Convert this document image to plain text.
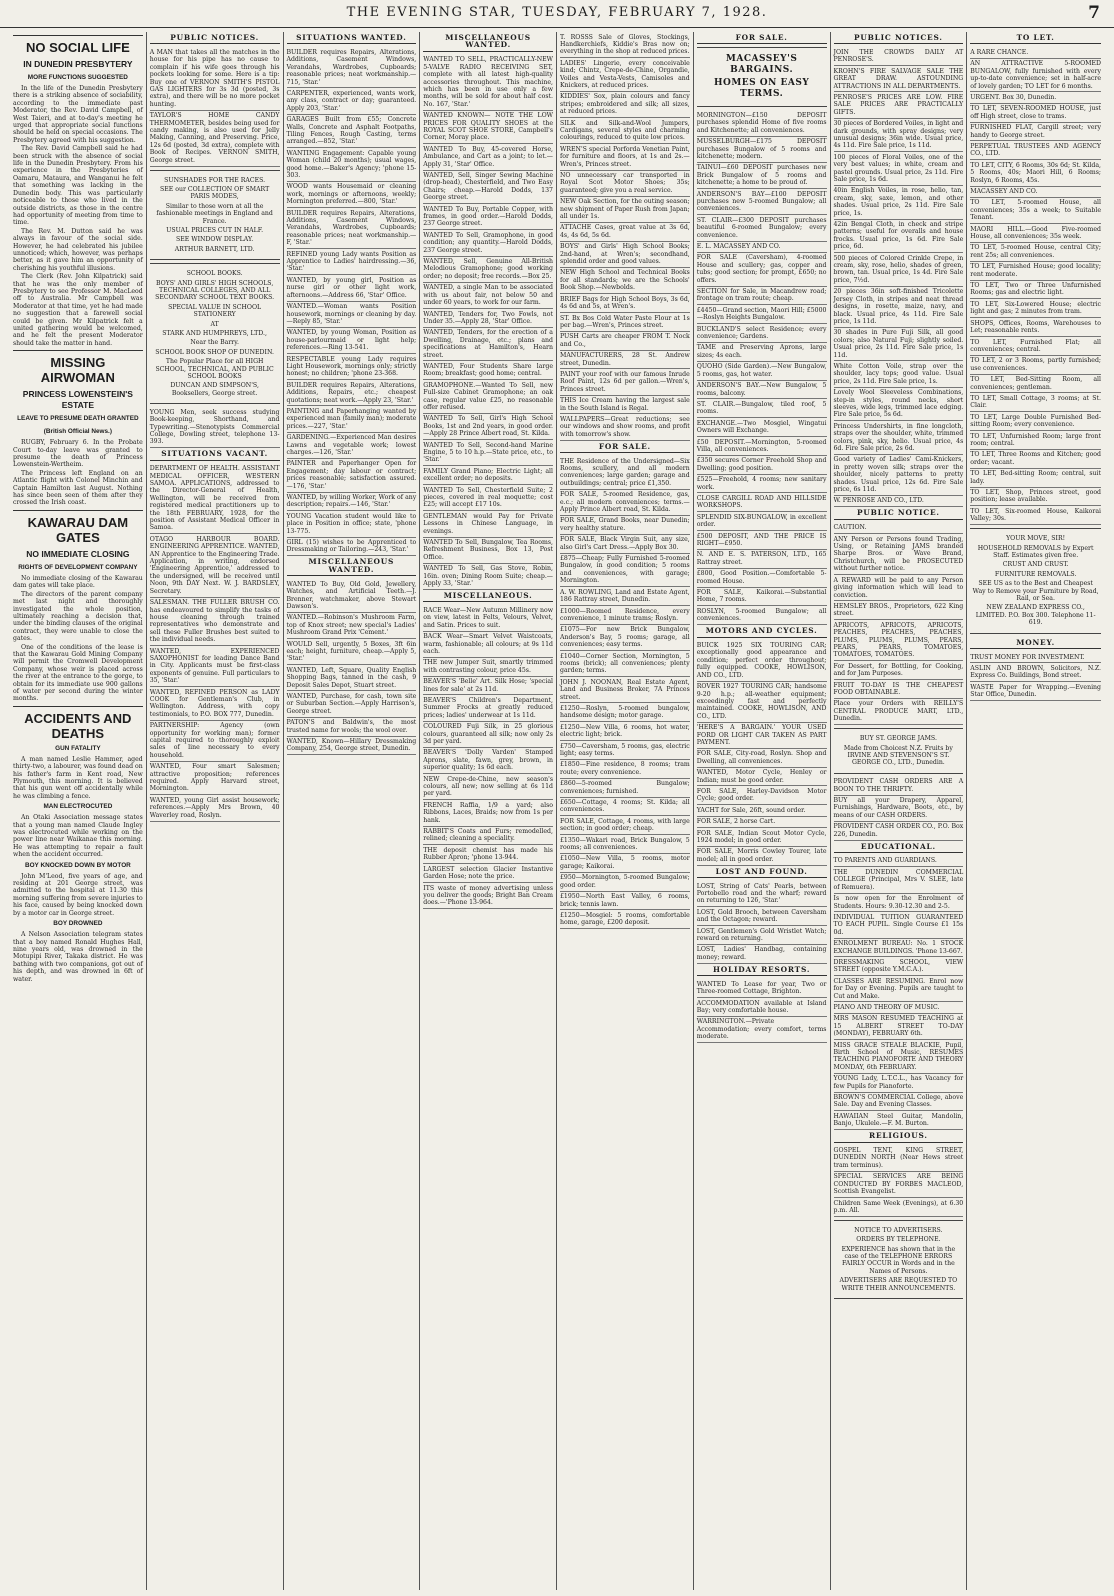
THE EVENING STAR, TUESDAY, FEBRUARY 7, 1928.	7
NO SOCIAL LIFE
IN DUNEDIN PRESBYTERY
MORE FUNCTIONS SUGGESTED
In the life of the Dunedin Presbytery there is a striking absence of sociability, according to the immediate past Moderator, the Rev. David Campbell, of West Taieri, and at to-day's meeting he urged that appropriate social functions should be held on special occasions. The Presbytery agreed with his suggestion.
The Rev. David Campbell said he had been struck with the absence of social life in the Dunedin Presbytery. From his experience in the Presbyteries of Oamaru, Mataura, and Wanganui he felt that something was lacking in the Dunedin body. This was particularly noticeable to those who lived in the outside districts, as those in the centre had opportunity of meeting from time to time.
The Rev. M. Dutton said he was always in favour of the social side. However, he had celebrated his jubilee unnoticed; which, however, was perhaps better, as it gave him an opportunity of cherishing his youthful illusions.
The Clerk (Rev. John Kilpatrick) said that he was the only member of Presbytery to see Professor M. MacLeod off to Australia. Mr Campbell was Moderator at that time, yet he had made no suggestion that a farewell social could be given. Mr Kilpatrick felt a united gathering would be welcomed, and he felt the present Moderator should take the matter in hand.
MISSING AIRWOMAN
PRINCESS LOWENSTEIN'S ESTATE
LEAVE TO PRESUME DEATH GRANTED
(British Official News.)
RUGBY, February 6. In the Probate Court to-day leave was granted to presume the death of Princess Lowenstein-Wertheim.
The Princess left England on an Atlantic flight with Colonel Minchin and Captain Hamilton last August. Nothing has since been seen of them after they crossed the Irish coast.
KAWARAU DAM GATES
NO IMMEDIATE CLOSING
RIGHTS OF DEVELOPMENT COMPANY
No immediate closing of the Kawarau dam gates will take place.
The directors of the parent company met last night and thoroughly investigated the whole position, ultimately reaching a decision that, under the binding clauses of the original contract, they were unable to close the gates.
One of the conditions of the lease is that the Kawarau Gold Mining Company will permit the Cromwell Development Company, whose weir is placed across the river at the entrance to the gorge, to obtain for its immediate use 900 gallons of water per second during the winter months.
ACCIDENTS AND DEATHS
GUN FATALITY
A man named Leslie Hammer, aged thirty-two, a labourer, was found dead on his father's farm in Kent road, New Plymouth, this morning. It is believed that his gun went off accidentally while he was climbing a fence.
MAN ELECTROCUTED
An Otaki Association message states that a young man named Claude Ingley was electrocuted while working on the power line near Waikanae this morning. He was attempting to repair a fault when the accident occurred.
BOY KNOCKED DOWN BY MOTOR
John M'Leod, five years of age, and residing at 201 George street, was admitted to the hospital at 11.30 this morning suffering from severe injuries to his face, caused by being knocked down by a motor car in George street.
BOY DROWNED
A Nelson Association telegram states that a boy named Ronald Hughes Hall, nine years old, was drowned in the Motupipi River, Takaka district. He was bathing with two companions, got out of his depth, and was drowned in 6ft of water.
PUBLIC NOTICES.
A MAN that takes all the matches in the house for his pipe has no cause to complain if his wife goes through his pockets looking for some. Here is a tip: Buy one of VERNON SMITH'S PISTOL GAS LIGHTERS for 3s 3d (posted, 3s extra), and there will be no more pocket hunting.
TAYLOR'S HOME CANDY THERMOMETER, besides being used for candy making, is also used for Jelly Making, Canning, and Preserving. Price, 12s 6d (posted, 3d extra), complete with Book of Recipes. VERNON SMITH, George street.
SUNSHADES FOR THE RACES.
SEE our COLLECTION OF SMART PARIS MODES,
Similar to those worn at all the fashionable meetings in England and France.
USUAL PRICES CUT IN HALF.
SEE WINDOW DISPLAY.
ARTHUR BARNETT, LTD.
SCHOOL BOOKS.
BOYS' AND GIRLS' HIGH SCHOOLS, TECHNICAL COLLEGES, AND ALL SECONDARY SCHOOL TEXT BOOKS.
SPECIAL VALUE IN SCHOOL STATIONERY
AT
STARK AND HUMPHREYS, LTD.,
Near the Barry.
SCHOOL BOOK SHOP OF DUNEDIN.
The Popular Place for all HIGH SCHOOL, TECHNICAL, AND PUBLIC SCHOOL BOOKS
DUNCAN AND SIMPSON'S, Booksellers, George street.
YOUNG Men, seek success studying Book-keeping, Shorthand, and Typewriting.—Stenotypists Commercial College, Dowling street, telephone 13-393.
SITUATIONS VACANT.
DEPARTMENT OF HEALTH. ASSISTANT MEDICAL OFFICER, WESTERN SAMOA. APPLICATIONS, addressed to the Director-General of Health, Wellington, will be received from registered medical practitioners up to the 18th FEBRUARY, 1928, for the position of Assistant Medical Officer in Samoa.
OTAGO HARBOUR BOARD. ENGINEERING APPRENTICE. WANTED, AN Apprentice to the Engineering Trade. Application, in writing, endorsed 'Engineering Apprentice,' addressed to the undersigned, will be received until Noon, 9th DAY Next. W. J. BARDSLEY, Secretary.
SALESMAN. THE FULLER BRUSH CO. has endeavoured to simplify the tasks of house cleaning through trained representatives who demonstrate and sell these Fuller Brushes best suited to the individual needs.
WANTED, EXPERIENCED SAXOPHONIST for leading Dance Band in City. Applicants must be first-class exponents of genuine. Full particulars to 35, 'Star.'
WANTED, REFINED PERSON as LADY COOK for Gentleman's Club, in Wellington. Address, with copy testimonials, to P.O. BOX 777, Dunedin.
PARTNERSHIP: Agency (own opportunity for working man); former capital required to thoroughly exploit sales of line necessary to every household.
WANTED, Four smart Salesmen; attractive proposition; references required. Apply Harvard street, Mornington.
WANTED, young Girl assist housework; references.—Apply Mrs Brown, 40 Waverley road, Roslyn.
SITUATIONS WANTED.
BUILDER requires Repairs, Alterations, Additions, Casement Windows, Verandahs, Wardrobes, Cupboards; reasonable prices; neat workmanship.—715, 'Star.'
CARPENTER, experienced, wants work, any class, contract or day; guaranteed. Apply 203, 'Star.'
GARAGES Built from £55; Concrete Walls, Concrete and Asphalt Footpaths, Tiling Fences, Rough Casting, terms arranged.—852, 'Star.'
WANTING Engagement: Capable young Woman (child 20 months); usual wages, good home.—Baker's Agency; 'phone 15-303.
WOOD wants Housemaid or cleaning work, mornings or afternoons, weekly; Mornington preferred.—800, 'Star.'
BUILDER requires Repairs, Alterations, Additions, Casement Windows, Verandahs, Wardrobes, Cupboards; reasonable prices; neat workmanship.—F, 'Star.'
REFINED young Lady wants Position as Apprentice to Ladies' hairdressing.—36, 'Star.'
WANTED, by young girl, Position as nurse girl or other light work, afternoons.—Address 66, 'Star' Office.
WANTED.—Woman wants Position housework, mornings or cleaning by day.—Reply 85, 'Star.'
WANTED, by young Woman, Position as house-parlourmaid or light help; references.—Ring 13-541.
RESPECTABLE young Lady requires Light Housework, mornings only; strictly honest; no children; 'phone 23-368.
BUILDER requires Repairs, Alterations, Additions, Repairs, etc.; cheapest quotations; neat work.—Apply 23, 'Star.'
PAINTING and Paperhanging wanted by experienced man (family man); moderate prices.—227, 'Star.'
GARDENING.—Experienced Man desires Lawns and vegetable work; lowest charges.—126, 'Star.'
PAINTER and Paperhanger Open for Engagement; day labour or contract; prices reasonable; satisfaction assured.—176, 'Star.'
WANTED, by willing Worker, Work of any description; repairs.—146, 'Star.'
YOUNG Vacation student would like to place in Position in office; state, 'phone 13-775.
GIRL (15) wishes to be Apprenticed to Dressmaking or Tailoring.—243, 'Star.'
MISCELLANEOUS WANTED.
WANTED To Buy, Old Gold, Jewellery, Watches, and Artificial Teeth.—J. Brenner, watchmaker, above Stewart Dawson's.
WANTED.—Robinson's Mushroom Farm, top of Knox street; new special's Ladies' Mushroom Grand Prix 'Cement.'
WOULD Sell, urgently, 5 Boxes, 3ft 6in each; height, furniture, cheap.—Apply 5, 'Star.'
WANTED, Left, Square, Quality English Shopping Bags, tanned in the cash, 9 Deposit Sales Depot, Stuart street.
WANTED, Purchase, for cash, town site or Suburban Section.—Apply Harrison's, George street.
PATON'S and Baldwin's, the most trusted name for wools; the wool over.
WANTED, Known—Hillary Dressmaking Company, 254, George street, Dunedin.
MISCELLANEOUS WANTED.
WANTED TO SELL, PRACTICALLY-NEW 5-VALVE RADIO RECEIVING SET, complete with all latest high-quality accessories throughout. This machine, which has been in use only a few months, will be sold for about half cost. No. 167, 'Star.'
WANTED KNOWN— NOTE THE LOW PRICES FOR QUALITY SHOES at the ROYAL SCOT SHOE STORE, Campbell's Corner, Moray place.
WANTED To Buy, 45-covered Horse, Ambulance, and Cart as a joint; to let.—Apply 31, 'Star' Office.
WANTED, Sell, Singer Sewing Machine (drop-head), Chesterfield, and Two Easy Chairs; cheap.—Harold Dodds, 137 George street.
WANTED To Buy, Portable Copper, with frames, in good order.—Harold Dodds, 237 George street.
WANTED To Sell, Gramophone, in good condition; any quantity.—Harold Dodds, 237 George street.
WANTED, Sell, Genuine All-British Melodious Gramophone; good working order; no deposit; free records.—Box 25.
WANTED, a single Man to be associated with us about fair, not below 50 and under 60 years, to work for our farm.
WANTED, Tenders for, Two Fowls, not Under 35.—Apply 28, 'Star' Office.
WANTED, Tenders, for the erection of a Dwelling, Drainage, etc.; plans and specifications at Hamilton's, Hearn street.
WANTED, Four Students Share large Room; breakfast; good home; central.
GRAMOPHONE.—Wanted To Sell, new Full-size Cabinet Gramophone; an oak case, regular value £25, no reasonable offer refused.
WANTED To Sell, Girl's High School Books, 1st and 2nd years, in good order.—Apply 28 Prince Albert road, St. Kilda.
WANTED To Sell, Second-hand Marine Engine, 5 to 10 h.p.—State price, etc., to 'Star.'
FAMILY Grand Piano; Electric Light; all excellent order; no deposits.
WANTED To Sell, Chesterfield Suite; 2 pieces, covered in real moquette; cost £25; will accept £17 10s.
GENTLEMAN would Pay for Private Lessons in Chinese Language, in evenings.
WANTED To Sell, Bungalow, Tea Rooms, Refreshment Business, Box 13, Post Office.
WANTED To Sell, Gas Stove, Robin, 16in. oven; Dining Room Suite; cheap.—Apply 33, 'Star.'
MISCELLANEOUS.
RACE Wear—New Autumn Millinery now on view, latest in Felts, Velours, Velvet, and Satin. Prices to suit.
BACK Wear—Smart Velvet Waistcoats, warm, fashionable; all colours; at 9s 11d each.
THE new Jumper Suit, smartly trimmed with contrasting colour, price 45s.
BEAVER'S 'Belle' Art. Silk Hose; 'special lines for sale' at 2s 11d.
BEAVER'S Children's Department, Summer Frocks at greatly reduced prices; ladies' underwear at 1s 11d.
COLOURED Fuji Silk, in 25 glorious colours, guaranteed all silk; now only 2s 3d per yard.
BEAVER'S 'Dolly Varden' Stamped Aprons, slate, fawn, grey, brown, in superior quality; 1s 6d each.
NEW Crepe-de-Chine, new season's colours, all new; now selling at 6s 11d per yard.
FRENCH Raffia, 1/9 a yard; also Ribbons, Laces, Braids; now from 1s per hank.
RABBIT'S Coats and Furs; remodelled, relined; cleaning a speciality.
THE deposit chemist has made his Rubber Apron; 'phone 13-944.
LARGEST selection Glacier Instantive Garden Hose; note the price.
ITS waste of money advertising unless you deliver the goods; Bright Ban Cream does.—'Phone 13-964.
T. ROSSS Sale of Gloves, Stockings, Handkerchiefs, Kiddie's Bras now on; everything in the shop at reduced prices.
LADIES' Lingerie, every conceivable kind; Chintz, Crepe-de-Chine, Organdie, Voiles and Vesta-Vests, Camisoles and Knickers, at reduced prices.
KIDDIES' Sox, plain colours and fancy stripes; embroidered and silk; all sizes, at reduced prices.
SILK and Silk-and-Wool Jumpers, Cardigans, several styles and charming colourings, reduced to quite low prices.
WREN'S special Porforda Venetian Paint, for furniture and floors, at 1s and 2s.—Wren's, Princes street.
NO unnecessary car transported in Royal Scot Motor Shoes; 35s; guaranteed; give you a real service.
NEW Oak Section, for the outing season; new shipment of Paper Rush from Japan; all under 1s.
ATTACHE Cases, great value at 3s 6d, 4s, 4s 6d, 5s 6d.
BOYS' and Girls' High School Books; 2nd-hand, at Wren's; secondhand, splendid order and good values.
NEW High School and Technical Books for all standards; we are the Schools' Book Shop.—Newbolds.
BRIEF Bags for High School Boys, 3s 6d, 4s 6d and 5s, at Wren's.
ST. Bx Bos Cold Water Paste Flour at 1s per bag.—Wren's, Princes street.
PUSH Carts are cheaper FROM T. Nock and Co.,
MANUFACTURERS, 28 St. Andrew street, Dunedin.
PAINT your roof with our famous Inrude Roof Paint, 12s 6d per gallon.—Wren's, Princes street.
THIS Ice Cream having the largest sale in the South Island is Regal.
WALLPAPERS—Great reductions; see our windows and show rooms, and profit with tomorrow's show.
FOR SALE.
THE Residence of the Undersigned—Six Rooms, scullery, and all modern conveniences; large garden; garage and outbuildings; central; price £1,350.
FOR SALE, 5-roomed Residence, gas, e.c.; all modern conveniences; terms.—Apply Prince Albert road, St. Kilda.
FOR SALE, Grand Books, near Dunedin; very healthy stature.
FOR SALE, Black Virgin Suit, any size, also Girl's Cart Dress.—Apply Box 30.
£875—Cheap; Fully Furnished 5-roomed Bungalow, in good condition; 5 rooms and conveniences, with garage; Mornington.
A. W. ROWLING, Land and Estate Agent, 186 Rattray street, Dunedin.
£1000—Roomed Residence, every convenience, 1 minute trams; Roslyn.
£1075—For new Brick Bungalow, Anderson's Bay, 5 rooms; garage, all conveniences; easy terms.
£1040—Corner Section, Mornington, 5 rooms (brick); all conveniences; plenty garden; terms.
JOHN J. NOONAN, Real Estate Agent, Land and Business Broker, 7A Princes street.
£1250—Roslyn, 5-roomed bungalow, handsome design; motor garage.
£1250—New Villa, 6 rooms, hot water, electric light; brick.
£750—Caversham, 5 rooms, gas, electric light; easy terms.
£1850—Fine residence, 8 rooms; tram route; every convenience.
£860—5-roomed Bungalow; conveniences; furnished.
£650—Cottage, 4 rooms; St. Kilda; all conveniences.
FOR SALE, Cottage, 4 rooms, with large section; in good order; cheap.
£1350—Wakari road, Brick Bungalow, 5 rooms; all conveniences.
£1050—New Villa, 5 rooms, motor garage; Kaikorai.
£950—Mornington, 5-roomed Bungalow; good order.
£1950—North East Valley, 6 rooms, brick; tennis lawn.
£1250—Mosgiel: 5 rooms, comfortable home, garage, £200 deposit.
FOR SALE.
MACASSEY'S BARGAINS.
HOMES ON EASY TERMS.
MORNINGTON—£150 DEPOSIT purchases splendid Home of five rooms and Kitchenette; all conveniences.
MUSSELBURGH—£175 DEPOSIT purchases Bungalow of 5 rooms and kitchenette; modern.
TAINUI—£60 DEPOSIT purchases new Brick Bungalow of 5 rooms and kitchenette; a home to be proud of.
ANDERSON'S BAY—£100 DEPOSIT purchases new 5-roomed Bungalow; all conveniences.
ST. CLAIR—£300 DEPOSIT purchases beautiful 6-roomed Bungalow; every convenience.
E. L. MACASSEY AND CO.
FOR SALE (Caversham), 4-roomed House and scullery; gas, copper and tubs; good section; for prompt, £650; no offers.
SECTION for Sale, in Macandrew road; frontage on tram route; cheap.
£4450—Grand section, Maori Hill; £5000—Roslyn Heights Bungalow.
BUCKLAND'S select Residence; every convenience; Gardens.
TAME and Preserving Aprons, large sizes; 4s each.
QUOHO (Side Garden).—New Bungalow, 5 rooms, gas, hot water.
ANDERSON'S BAY.—New Bungalow, 5 rooms, balcony.
ST. CLAIR.—Bungalow, tiled roof, 5 rooms.
EXCHANGE.—Two Mosgiel, Wingatui Owners will Exchange.
£50 DEPOSIT.—Mornington, 5-roomed Villa, all conveniences.
£350 secures Corner Freehold Shop and Dwelling; good position.
£525—Freehold, 4 rooms; new sanitary work.
CLOSE CARGILL ROAD AND HILLSIDE WORKSHOPS.
SPLENDID SIX-BUNGALOW, in excellent order.
£500 DEPOSIT, AND THE PRICE IS RIGHT—£950.
N. AND E. S. PATERSON, LTD., 165 Rattray street.
£800, Good Position.—Comfortable 5-roomed House.
FOR SALE, Kaikorai.—Substantial Home, 7 rooms.
ROSLYN, 5-roomed Bungalow; all conveniences.
MOTORS AND CYCLES.
BUICK 1925 SIX TOURING CAR; exceptionally good appearance and condition; perfect order throughout; fully equipped. COOKE, HOWLISON, AND CO., LTD.
ROVER 1927 TOURING CAR; handsome 9-20 h.p.; all-weather equipment; exceedingly fast and perfectly maintained. COOKE, HOWLISON, AND CO., LTD.
'HERE'S A BARGAIN.' YOUR USED FORD OR LIGHT CAR TAKEN AS PART PAYMENT.
FOR SALE, City-road, Roslyn. Shop and Dwelling, all conveniences.
WANTED, Motor Cycle, Henley or Indian; must be good order.
FOR SALE, Harley-Davidson Motor Cycle; good order.
YACHT for Sale, 26ft, sound order.
FOR SALE, 2 horse Cart.
FOR SALE, Indian Scout Motor Cycle, 1924 model; in good order.
FOR SALE, Morris Cowley Tourer, late model; all in good order.
LOST AND FOUND.
LOST, String of Cats' Pearls, between Portobello road and the wharf; reward on returning to 126, 'Star.'
LOST, Gold Brooch, between Caversham and the Octagon; reward.
LOST, Gentlemen's Gold Wristlet Watch; reward on returning.
LOST, Ladies' Handbag, containing money; reward.
HOLIDAY RESORTS.
WANTED To Lease for year, Two or Three-roomed Cottage, Brighton.
ACCOMMODATION available at Island Bay; very comfortable house.
WARRINGTON.—Private Accommodation; every comfort, terms moderate.
PUBLIC NOTICES.
JOIN THE CROWDS DAILY AT PENROSE'S.
KROHN'S FIRE SALVAGE SALE THE GREAT DRAW. ASTOUNDING ATTRACTIONS IN ALL DEPARTMENTS.
PENROSE'S PRICES ARE LOW. FIRE SALE PRICES ARE PRACTICALLY GIFTS.
30 pieces of Bordered Voiles, in light and dark grounds, with spray designs; very unusual designs; 36in wide. Usual price, 4s 11d. Fire Sale price, 1s 11d.
100 pieces of Floral Voiles, one of the very best values; in white, cream and pastel grounds. Usual price, 2s 11d. Fire Sale price, 1s 6d.
40in English Voiles, in rose, helio, tan, cream, sky, saxe, lemon, and other shades. Usual price, 2s 11d. Fire Sale price, 1s.
42in Bengal Cloth, in check and stripe patterns; useful for overalls and house frocks. Usual price, 1s 6d. Fire Sale price, 6d.
500 pieces of Colored Crinkle Crepe, in cream, sky, rose, helio, shades of green, brown, tan. Usual price, 1s 4d. Fire Sale price, 7½d.
20 pieces 36in soft-finished Tricolette Jersey Cloth, in stripes and neat thread designs, in rosette, maize, navy, and black. Usual price, 4s 11d. Fire Sale price, 1s 11d.
30 shades in Pure Fuji Silk, all good colors; also Natural Fuji; slightly soiled. Usual price, 2s 11d. Fire Sale price, 1s 11d.
White Cotton Voile, strap over the shoulder, lacy tops; good value. Usual price, 2s 11d. Fire Sale price, 1s.
Lovely Wool Sleeveless Combinations, step-in styles, round necks, short sleeves, wide legs, trimmed lace edging. Fire Sale price, 5s 6d.
Princess Undershirts, in fine longcloth, straps over the shoulder, white, trimmed colors, pink, sky, helio. Usual price, 4s 6d. Fire Sale price, 2s 6d.
Good variety of Ladies' Cami-Knickers, in pretty woven silk; straps over the shoulder, nicely patterns to pretty shades. Usual price, 12s 6d. Fire Sale price, 6s 11d.
W. PENROSE AND CO., LTD.
PUBLIC NOTICE.
CAUTION.
ANY Person or Persons found Trading, Using, or Retaining JAMS branded Sharpe Bros. or Wave Brand, Christchurch, will be PROSECUTED without further notice.
A REWARD will be paid to any Person giving information which will lead to conviction.
HEMSLEY BROS., Proprietors, 622 King street.
APRICOTS, APRICOTS, APRICOTS, PEACHES, PEACHES, PEACHES, PLUMS, PLUMS, PLUMS, PEARS, PEARS, PEARS, TOMATOES, TOMATOES, TOMATOES.
For Dessert, for Bottling, for Cooking, and for Jam Purposes.
FRUIT TO-DAY IS THE CHEAPEST FOOD OBTAINABLE.
Place your Orders with REILLY'S CENTRAL PRODUCE MART, LTD., Dunedin.
BUY ST. GEORGE JAMS.
Made from Choicest N.Z. Fruits by IRVINE AND STEVENSON'S ST. GEORGE CO., LTD., Dunedin.
PROVIDENT CASH ORDERS ARE A BOON TO THE THRIFTY.
BUY all your Drapery, Apparel, Furnishings, Hardware, Boots, etc., by means of our CASH ORDERS.
PROVIDENT CASH ORDER CO., P.O. Box 226, Dunedin.
EDUCATIONAL.
TO PARENTS AND GUARDIANS.
THE DUNEDIN COMMERCIAL COLLEGE (Principal, Mrs V. SLEE, late of Remuera).
Is now open for the Enrolment of Students. Hours: 9.30-12.30 and 2-5.
INDIVIDUAL TUITION GUARANTEED TO EACH PUPIL. Single Course £1 15s 0d.
ENROLMENT BUREAU: No. 1 STOCK EXCHANGE BUILDINGS. 'Phone 13-667.
DRESSMAKING SCHOOL, VIEW STREET (opposite Y.M.C.A.).
CLASSES ARE RESUMING. Enrol now for Day or Evening. Pupils are taught to Cut and Make.
PIANO AND THEORY OF MUSIC.
MRS MASON RESUMED TEACHING at 15 ALBERT STREET TO-DAY (MONDAY), FEBRUARY 6th.
MISS GRACE STEALE BLACKIE, Pupil, Birth School of Music, RESUMES TEACHING PIANOFORTE AND THEORY MONDAY, 6th FEBRUARY.
YOUNG Lady, L.T.C.L., has Vacancy for few Pupils for Pianoforte.
BROWN'S COMMERCIAL College, above Sale. Day and Evening Classes.
HAWAIIAN Steel Guitar, Mandolin, Banjo, Ukulele.—F. M. Burton.
RELIGIOUS.
GOSPEL TENT, KING STREET, DUNEDIN NORTH (Near Hews street tram terminus).
SPECIAL SERVICES ARE BEING CONDUCTED BY FORBES MACLEOD, Scottish Evangelist.
Children Same Week (Evenings), at 6.30 p.m. All.
NOTICE TO ADVERTISERS.
ORDERS BY TELEPHONE.
EXPERIENCE has shown that in the case of the TELEPHONE ERRORS FAIRLY OCCUR in Words and in the Names of Persons.
ADVERTISERS ARE REQUESTED TO WRITE THEIR ANNOUNCEMENTS.
TO LET.
A RARE CHANCE.
AN ATTRACTIVE 5-ROOMED BUNGALOW, fully furnished with every up-to-date convenience; set in half-acre of lovely garden; TO LET for 6 months.
URGENT. Box 30, Dunedin.
TO LET, SEVEN-ROOMED HOUSE, just off High street, close to trams.
FURNISHED FLAT, Cargill street; very handy to George street.
PERPETUAL TRUSTEES AND AGENCY CO., LTD.
TO LET, CITY, 6 Rooms, 30s 6d; St. Kilda, 5 Rooms, 40s; Maori Hill, 6 Rooms; Roslyn, 6 Rooms, 45s.
MACASSEY AND CO.
TO LET, 5-roomed House, all conveniences; 35s a week; to Suitable Tenant.
MAORI HILL.—Good Five-roomed House, all conveniences; 35s week.
TO LET, 5-roomed House, central City; rent 25s; all conveniences.
TO LET, Furnished House; good locality; rent moderate.
TO LET, Two or Three Unfurnished Rooms; gas and electric light.
TO LET, Six-Lowered House; electric light and gas; 2 minutes from tram.
SHOPS, Offices, Rooms, Warehouses to Let; reasonable rents.
TO LET, Furnished Flat; all conveniences; central.
TO LET, 2 or 3 Rooms, partly furnished; use conveniences.
TO LET, Bed-Sitting Room, all conveniences; gentleman.
TO LET, Small Cottage, 3 rooms; at St. Clair.
TO LET, Large Double Furnished Bed-sitting Room; every convenience.
TO LET, Unfurnished Room; large front room; central.
TO LET, Three Rooms and Kitchen; good order; vacant.
TO LET, Bed-sitting Room; central, suit lady.
TO LET, Shop, Princes street, good position; lease available.
TO LET, Six-roomed House, Kaikorai Valley; 30s.
YOUR MOVE, SIR!
HOUSEHOLD REMOVALS by Expert Staff. Estimates given free.
CRUST AND CRUST.
FURNITURE REMOVALS.
SEE US as to the Best and Cheapest Way to Remove your Furniture by Road, Rail, or Sea.
NEW ZEALAND EXPRESS CO., LIMITED. P.O. Box 300. Telephone 11-619.
MONEY.
TRUST MONEY FOR INVESTMENT.
ASLIN AND BROWN, Solicitors, N.Z. Express Co. Buildings, Bond street.
WASTE Paper for Wrapping.—Evening Star Office, Dunedin.
